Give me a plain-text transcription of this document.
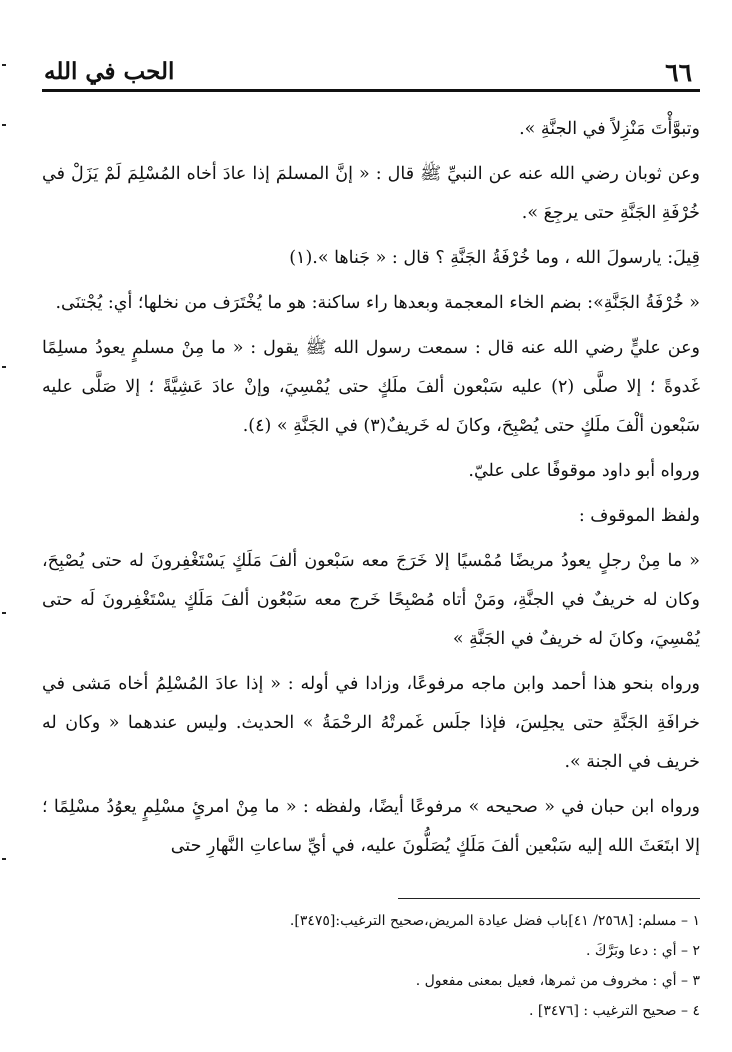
٦٦
الحب في الله

وتبوَّأْتَ مَنْزِلاً في الجنَّةِ ».

وعن ثوبان رضي الله عنه عن النبيِّ ﷺ قال : « إنَّ المسلمَ إذا عادَ أخاه المُسْلِمَ لَمْ يَزَلْ في خُرْفَةِ الجَنَّةِ حتى يرجِعَ ».

قِيلَ: يارسولَ الله ، وما خُرْفَةُ الجَنَّةِ ؟ قال : « جَناها ».(١)

« خُرْفَةُ الجَنَّةِ»: بضم الخاء المعجمة وبعدها راء ساكنة: هو ما يُخْتَرَف من نخلها؛ أي: يُجْتنَى.

وعن عليٍّ رضي الله عنه قال : سمعت رسول الله ﷺ يقول : « ما مِنْ مسلمٍ يعودُ مسلِمًا غَدوةً ؛ إلا صلَّى (٢) عليه سَبْعون ألفَ ملَكٍ حتى يُمْسِيَ، وإنْ عادَ عَشِيَّةً ؛ إلا صَلَّى عليه سَبْعون ألْفَ ملَكٍ حتى يُصْبِحَ، وكانَ له خَريفٌ(٣) في الجَنَّةِ » (٤).

ورواه أبو داود موقوفًا على عليّ.

ولفظ الموقوف :

« ما مِنْ رجلٍ يعودُ مريضًا مُمْسيًا إلا خَرَجَ معه سَبْعون ألفَ مَلَكٍ يَسْتَغْفِرونَ له حتى يُصْبِحَ، وكان له خريفٌ في الجنَّةِ، ومَنْ أتاه مُصْبِحًا خَرج معه سَبْعُون ألفَ مَلَكٍ يسْتَغْفِرونَ لَه حتى يُمْسِيَ، وكانَ له خريفٌ في الجَنَّةِ »

ورواه بنحو هذا أحمد وابن ماجه مرفوعًا، وزادا في أوله : « إذا عادَ المُسْلِمُ أخاه مَشى في خرافَةِ الجَنَّةِ حتى يجلِسَ، فإذا جلَس غَمرتْهُ الرحْمَةُ » الحديث. وليس عندهما « وكان له خريف في الجنة ».

ورواه ابن حبان في « صحيحه » مرفوعًا أيضًا، ولفظه : « ما مِنْ امرئٍ مسْلِمٍ يعوُدُ مسْلِمًا ؛ إلا ابتَعَثَ الله إليه سَبْعين ألفَ مَلَكٍ يُصَلُّونَ عليه، في أيِّ ساعاتِ النَّهارِ حتى

١ – مسلم: [٢٥٦٨/ ٤١]باب فضل عيادة المريض،صحيح الترغيب:[٣٤٧٥].
٢ – أي : دعا وبَرَّكَ .
٣ – أي : مخروف من ثمرها، فعيل بمعنى مفعول .
٤ – صحيح الترغيب : [٣٤٧٦] .
